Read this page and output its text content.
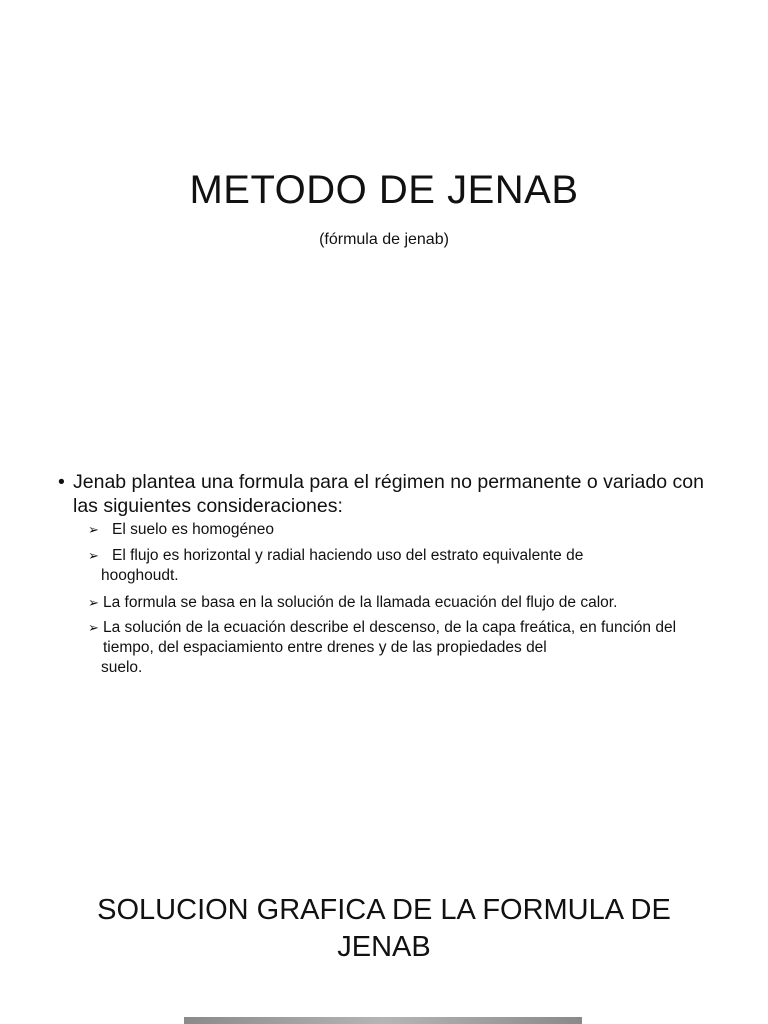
METODO DE JENAB
(fórmula de jenab)
• Jenab plantea una formula para el régimen no permanente o variado con las siguientes consideraciones:
➢ El suelo es homogéneo
➢ El flujo es horizontal y radial haciendo uso del estrato equivalente de
hooghoudt.
➢ La formula se basa en la solución de la llamada ecuación del flujo de calor.
➢ La solución de la ecuación describe el descenso, de la capa freática, en función del tiempo, del espaciamiento entre drenes y de las propiedades del
suelo.
SOLUCION GRAFICA DE LA FORMULA DE
JENAB
